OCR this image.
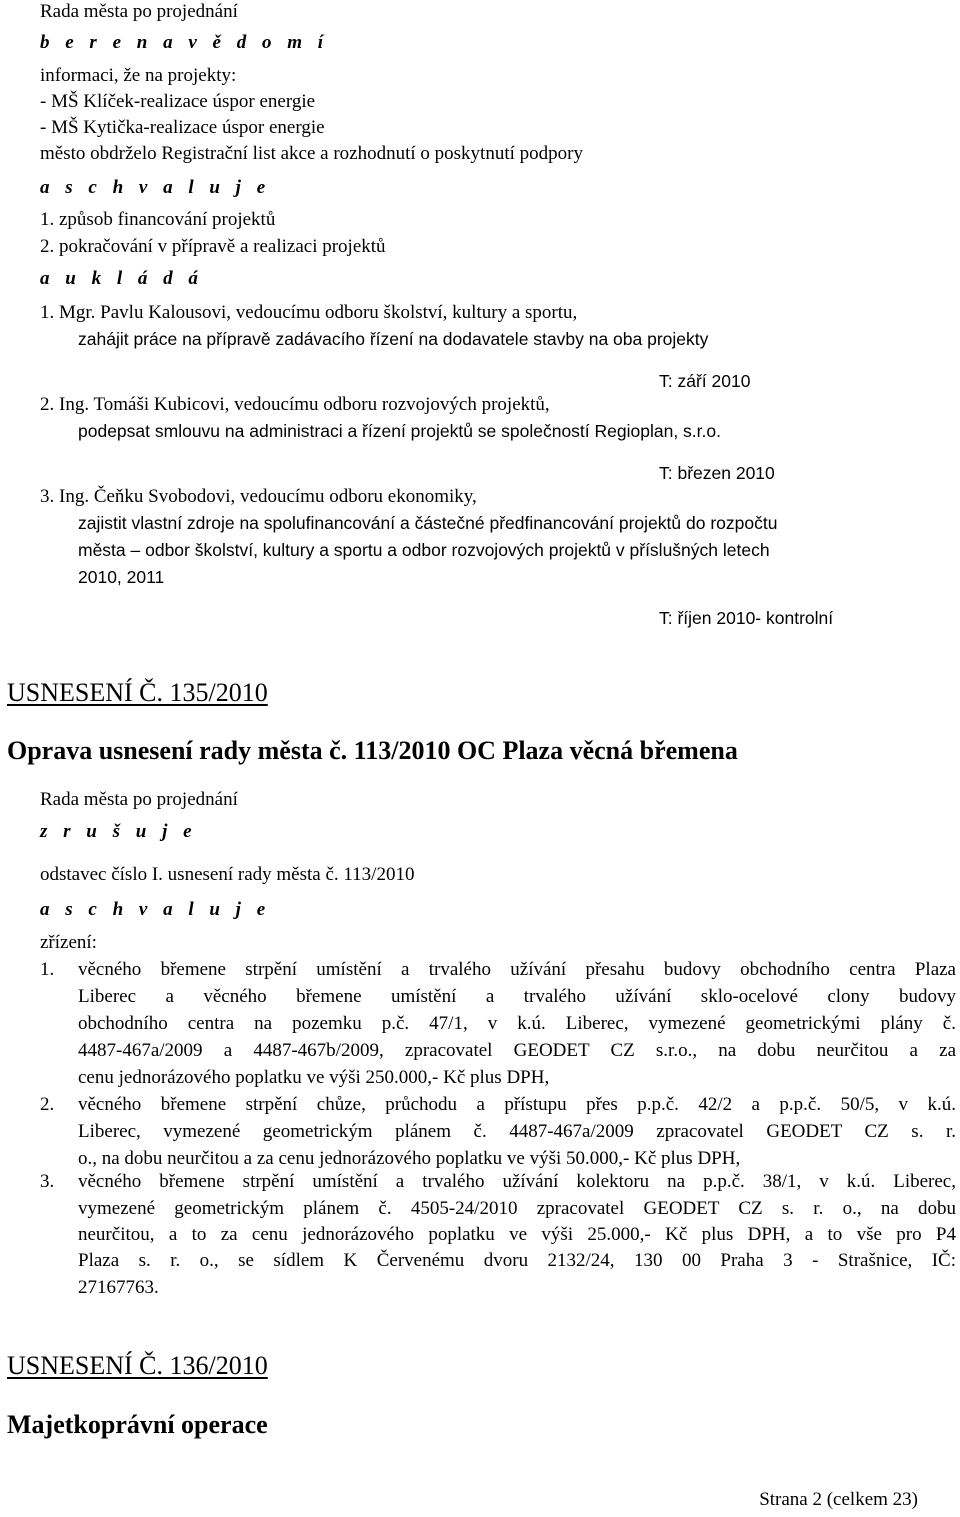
Rada města po projednání
b e r e n a v ě d o m í
informaci, že na projekty:
- MŠ Klíček-realizace úspor energie
- MŠ Kytička-realizace úspor energie
město obdrželo Registrační list akce a rozhodnutí o poskytnutí podpory
a s c h v a l u j e
1. způsob financování projektů
2. pokračování v přípravě a realizaci projektů
a u k l á d á
1. Mgr. Pavlu Kalousovi, vedoucímu odboru školství, kultury a sportu,
zahájit práce na přípravě zadávacího řízení na dodavatele stavby na oba projekty
T: září 2010
2. Ing. Tomáši Kubicovi, vedoucímu odboru rozvojových projektů,
podepsat smlouvu na administraci a řízení projektů se společností Regioplan, s.r.o.
T: březen 2010
3. Ing. Čeňku Svobodovi, vedoucímu odboru ekonomiky,
zajistit vlastní zdroje na spolufinancování a částečné předfinancování projektů do rozpočtu
města – odbor školství, kultury a sportu a odbor rozvojových projektů v příslušných letech
2010, 2011
T: říjen 2010- kontrolní
USNESENÍ Č. 135/2010
Oprava usnesení rady města č. 113/2010 OC Plaza věcná břemena
Rada města po projednání
z r u š u j e
odstavec číslo I. usnesení rady města č. 113/2010
a s c h v a l u j e
zřízení:
1. věcného břemene strpění umístění a trvalého užívání přesahu budovy obchodního centra Plaza
Liberec a věcného břemene umístění a trvalého užívání sklo-ocelové clony budovy
obchodního centra na pozemku p.č. 47/1, v k.ú. Liberec, vymezené geometrickými plány č.
4487-467a/2009 a 4487-467b/2009, zpracovatel GEODET CZ s.r.o., na dobu neurčitou a za
cenu jednorázového poplatku ve výši 250.000,- Kč plus DPH,
2. věcného břemene strpění chůze, průchodu a přístupu přes p.p.č. 42/2 a p.p.č. 50/5, v k.ú.
Liberec, vymezené geometrickým plánem č. 4487-467a/2009 zpracovatel GEODET CZ s. r.
o., na dobu neurčitou a za cenu jednorázového poplatku ve výši 50.000,- Kč plus DPH,
3. věcného břemene strpění umístění a trvalého užívání kolektoru na p.p.č. 38/1, v k.ú. Liberec,
vymezené geometrickým plánem č. 4505-24/2010 zpracovatel GEODET CZ s. r. o., na dobu
neurčitou, a to za cenu jednorázového poplatku ve výši 25.000,- Kč plus DPH, a to vše pro P4
Plaza s. r. o., se sídlem K Červenému dvoru 2132/24, 130 00 Praha 3 - Strašnice, IČ:
27167763.
USNESENÍ Č. 136/2010
Majetkoprávní operace
Strana 2 (celkem 23)
